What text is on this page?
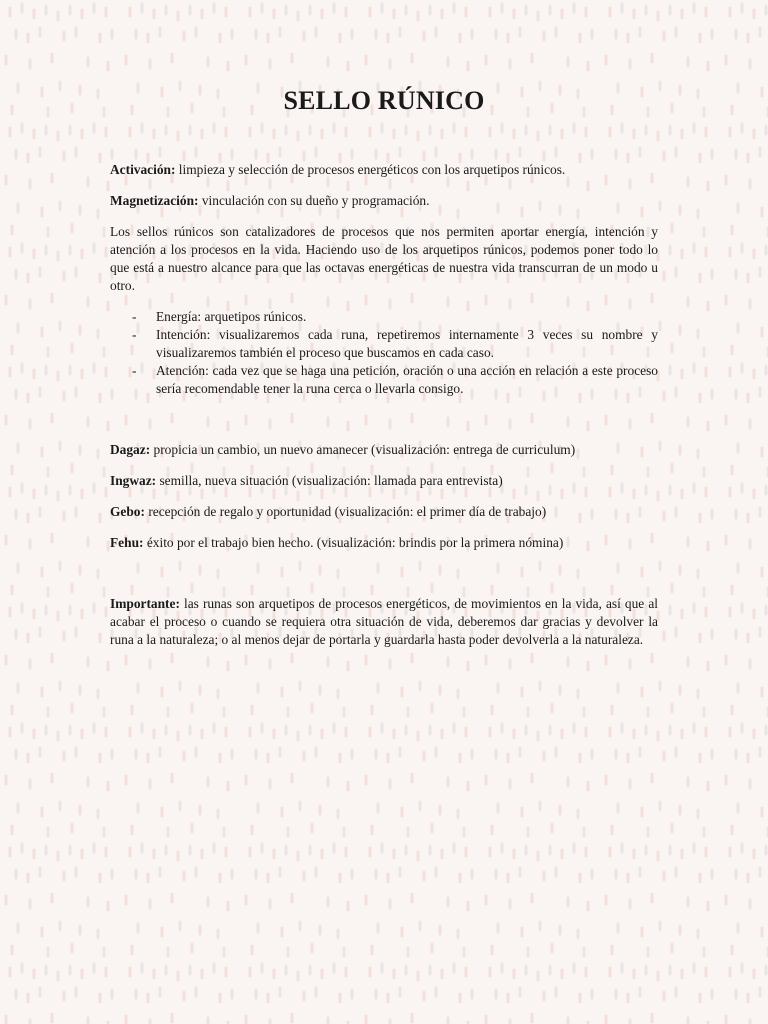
SELLO RÚNICO

Activación: limpieza y selección de procesos energéticos con los arquetipos rúnicos.

Magnetización: vinculación con su dueño y programación.

Los sellos rúnicos son catalizadores de procesos que nos permiten aportar energía, intención y atención a los procesos en la vida. Haciendo uso de los arquetipos rúnicos, podemos poner todo lo que está a nuestro alcance para que las octavas energéticas de nuestra vida transcurran de un modo u otro.

- Energía: arquetipos rúnicos.
- Intención: visualizaremos cada runa, repetiremos internamente 3 veces su nombre y visualizaremos también el proceso que buscamos en cada caso.
- Atención: cada vez que se haga una petición, oración o una acción en relación a este proceso sería recomendable tener la runa cerca o llevarla consigo.

Dagaz: propicia un cambio, un nuevo amanecer (visualización: entrega de curriculum)

Ingwaz: semilla, nueva situación (visualización: llamada para entrevista)

Gebo: recepción de regalo y oportunidad (visualización: el primer día de trabajo)

Fehu: éxito por el trabajo bien hecho. (visualización: brindis por la primera nómina)

Importante: las runas son arquetipos de procesos energéticos, de movimientos en la vida, así que al acabar el proceso o cuando se requiera otra situación de vida, deberemos dar gracias y devolver la runa a la naturaleza; o al menos dejar de portarla y guardarla hasta poder devolverla a la naturaleza.
